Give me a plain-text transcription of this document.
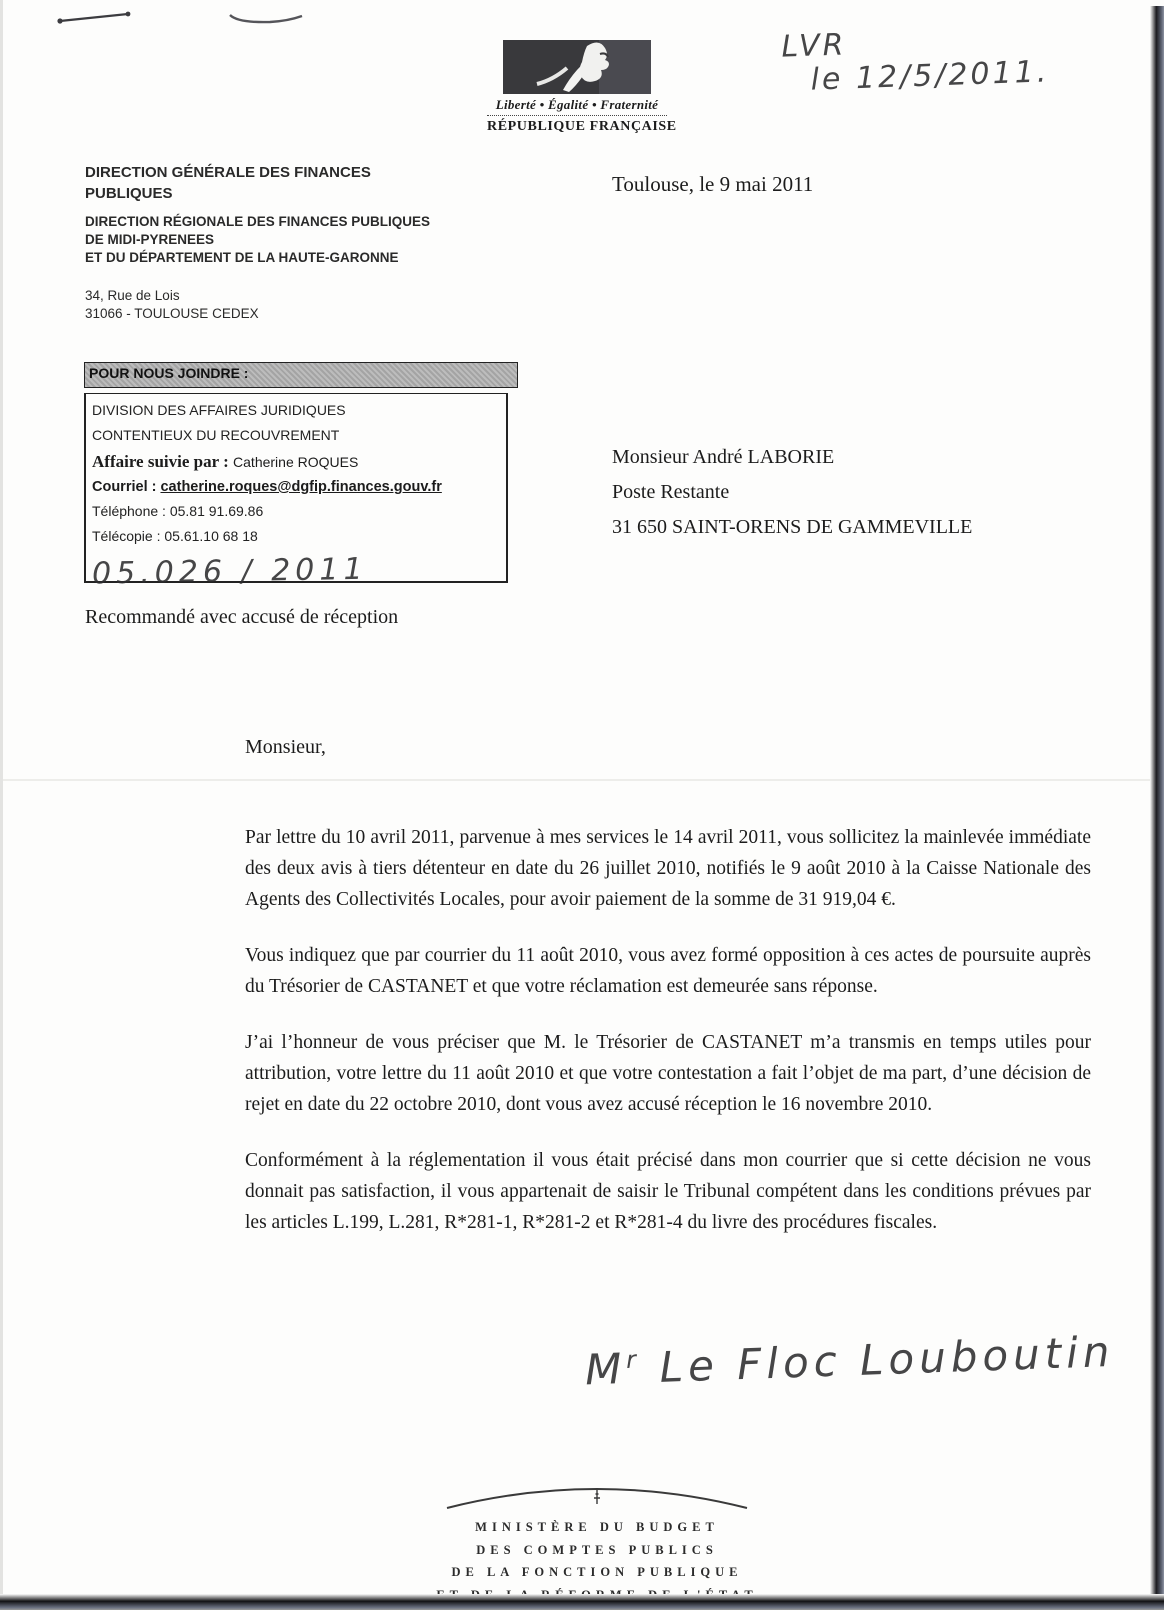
Liberté • Égalité • Fraternité
RÉPUBLIQUE FRANÇAISE
LVR
le 12/5/2011.
DIRECTION GÉNÉRALE DES FINANCES PUBLIQUES
DIRECTION RÉGIONALE DES FINANCES PUBLIQUES
DE MIDI-PYRENEES
ET DU DÉPARTEMENT DE LA HAUTE-GARONNE
34, Rue de Lois
31066 - TOULOUSE CEDEX
Toulouse, le 9 mai 2011
POUR NOUS JOINDRE :
DIVISION DES AFFAIRES JURIDIQUES
CONTENTIEUX DU RECOUVREMENT
Affaire suivie par : Catherine ROQUES
Courriel : catherine.roques@dgfip.finances.gouv.fr
Téléphone : 05.81 91.69.86
Télécopie : 05.61.10 68 18
05.026 / 2011
Monsieur André LABORIE
Poste Restante
31 650 SAINT-ORENS DE GAMMEVILLE
Recommandé avec accusé de réception
Monsieur,

Par lettre du 10 avril 2011, parvenue à mes services le 14 avril 2011, vous sollicitez la mainlevée immédiate des deux avis à tiers détenteur en date du 26 juillet 2010, notifiés le 9 août 2010 à la Caisse Nationale des Agents des Collectivités Locales, pour avoir paiement de la somme de 31 919,04 €.

Vous indiquez que par courrier du 11 août 2010, vous avez formé opposition à ces actes de poursuite auprès du Trésorier de CASTANET et que votre réclamation est demeurée sans réponse.

J’ai l’honneur de vous préciser que M. le Trésorier de CASTANET m’a transmis en temps utiles pour attribution, votre lettre du 11 août 2010 et que votre contestation a fait l’objet de ma part, d’une décision de rejet en date du 22 octobre 2010, dont vous avez accusé réception le 16 novembre 2010.

Conformément à la réglementation il vous était précisé dans mon courrier que si cette décision ne vous donnait pas satisfaction, il vous appartenait de saisir le Tribunal compétent dans les conditions prévues par les articles L.199, L.281, R*281-1, R*281-2 et R*281-4 du livre des procédures fiscales.

$M^r$ Le Floc Louboutin
MINISTÈRE DU BUDGET
DES COMPTES PUBLICS
DE LA FONCTION PUBLIQUE
